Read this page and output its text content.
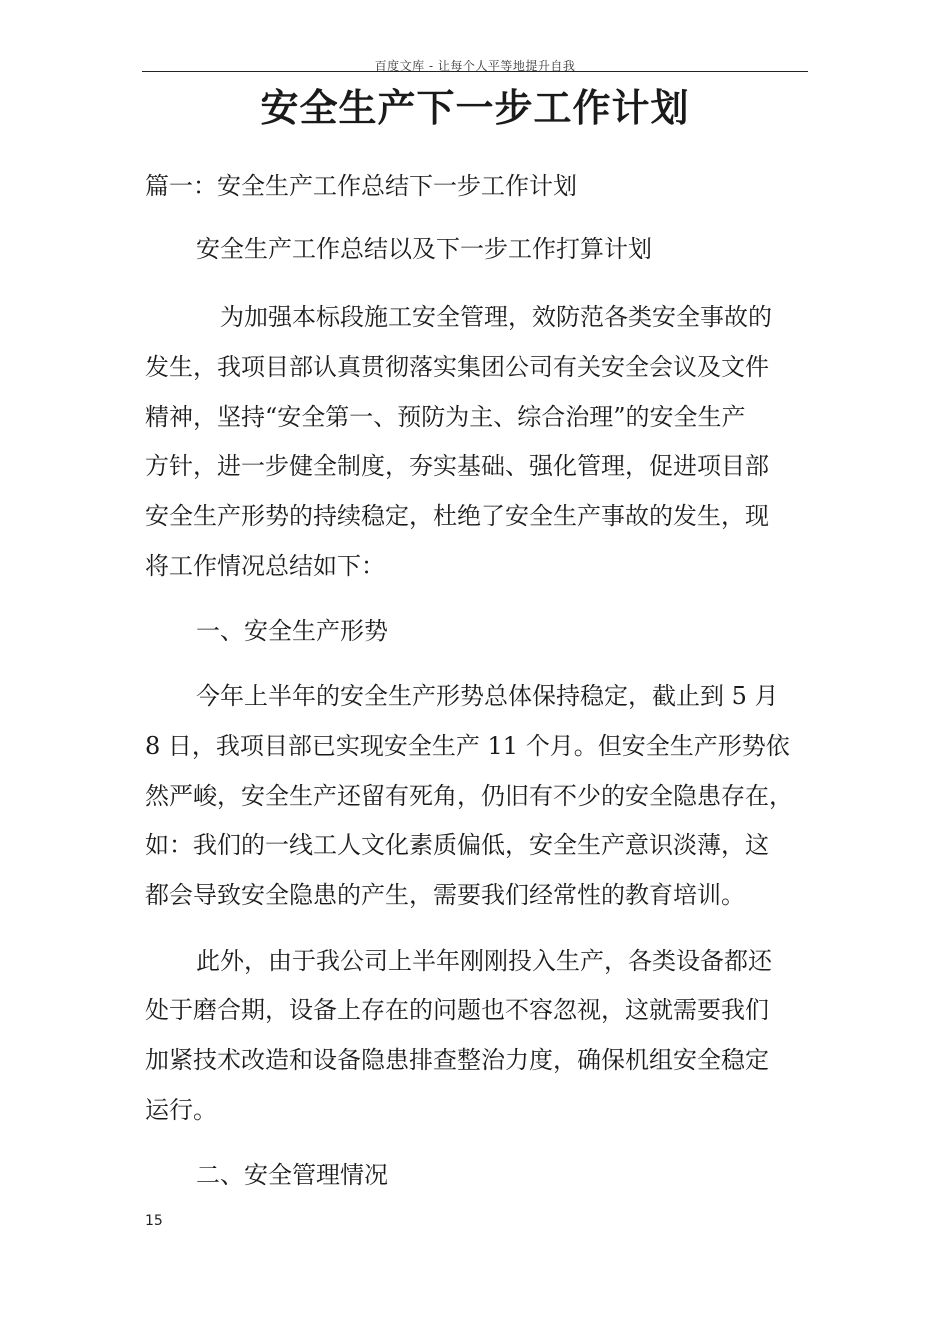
百度文库 - 让每个人平等地提升自我
安全生产下一步工作计划
篇一：安全生产工作总结下一步工作计划
安全生产工作总结以及下一步工作打算计划
为加强本标段施工安全管理，效防范各类安全事故的
发生，我项目部认真贯彻落实集团公司有关安全会议及文件
精神，坚持“安全第一、预防为主、综合治理”的安全生产
方针，进一步健全制度，夯实基础、强化管理，促进项目部
安全生产形势的持续稳定，杜绝了安全生产事故的发生，现
将工作情况总结如下：
一、安全生产形势
今年上半年的安全生产形势总体保持稳定，截止到 5 月
8 日，我项目部已实现安全生产 11 个月。但安全生产形势依
然严峻，安全生产还留有死角，仍旧有不少的安全隐患存在，
如：我们的一线工人文化素质偏低，安全生产意识淡薄，这
都会导致安全隐患的产生，需要我们经常性的教育培训。
此外，由于我公司上半年刚刚投入生产，各类设备都还
处于磨合期，设备上存在的问题也不容忽视，这就需要我们
加紧技术改造和设备隐患排查整治力度，确保机组安全稳定
运行。
二、安全管理情况
15
